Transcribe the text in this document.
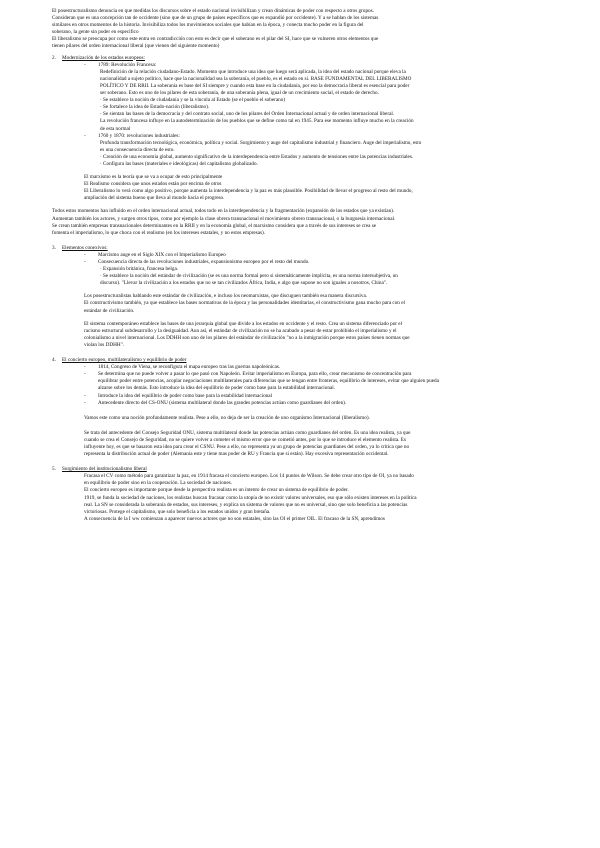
El posestructuralismo denuncia en que medidas los discursos sobre el estado nacional invisibilizan y crean dinámicas de poder con respecto a otros grupos.

Consideran que es una concepción tan de occidente (sino que de un grupo de países específicos que es expandió por occidente). Y a se hablan de los sistemas

similares en otros momentos de la historia. Invisibiliza todos los movimientos sociales que habían en la época, y conecta mucho poder en la figura del

soberano, la gente sin poder en especifico

El liberalismo se preocupa por como este entra en contradicción con esto es decir que el soberano es el pilar del SI, hace que se vulneren otros elementos que

tienen pilares del orden internacional liberal (que vienen del siguiente momento)

2.	Modernización de los estados europeos:
-	1789: Revolución Francesa:

Redefinición de la relación ciudadano-Estado. Momento que introduce una idea que luego será aplicada, la idea del estado nacional porque eleva la

nacionalidad a sujeto político, hace que la nacionalidad sea la soberanía, el pueblo, es el estado en sí. BASE FUNDAMENTAL DEL LIBERALISMO

POLÍTICO Y DE RRII. La soberanía es base del SI siempre y cuando esta base en la ciudadanía, por eso la democracia liberal es esencial para poder

ser soberano. Esto es uno de los pilares de esta soberanía, de una soberanía plena, igual de un crecimiento social, el estado de derecho.

· Se establece la noción de ciudadanía y se la vincula al Estado (se el pueblo el soberano)

· Se fortalece la idea de Estado-nación (liberalismo).

· Se sientan las bases de la democracia y del contrato social, uno de los pilares del Orden Internacional actual y de orden internacional liberal.

La revolución francesa influye en la autodeterminación de los pueblos que se define como tal en 1945. Para ese momento influye mucho en la creación

de esta normal

-	1760 y 1870: revoluciones industriales:

Profunda transformación tecnológica, económica, política y social. Surgimiento y auge del capitalismo industrial y financiero. Auge del imperialismo, esto

es una consecuencia directa de esto.

· Creación de una economía global, aumento significativo de la interdependencia entre Estados y aumento de tensiones entre las potencias industriales.

· Configura las bases (materiales e ideológicas) del capitalismo globalizado.

El marxismo es la teoría que se va a ocupar de esto principalmente

El Realismo considera que unos estados están por encima de otros

El Liberalismo lo verá como algo positivo, porque aumenta la interdependencia y la paz es más plausible. Posibilidad de llevar el progreso al resto del mundo,

ampliación del sistema bueno que lleva al mundo hacia el progreso.

Todos estos momentos han influido en el orden internacional actual, todos todo en la interdependencia y la fragmentación (expansión de los estados que ya existían).

Aumentan también los actores, y surgen otros tipos, como por ejemplo la clase obrera transnacional el movimiento obrero transnacional, o la burguesía internacional.

Se crean también empresas transnacionales determinantes en la RRII y en la economía global, el marxismo considera que a través de sus intereses se crea se

fomenta el imperialismo, lo que choca con el realismo (en los intereses estatales, y no estos empresas).

3.	Elementos conexivos:
-	Marcismo auge en el Siglo XIX con el Imperialismo Europeo
-	Consecuencia directa de las revoluciones industriales, expansionismo europeo por el resto del mundo.

· Expansión británica, francesa belga.

· Se establece la noción del estándar de civilización (se es una norma formal pero si sistemáticamente implícita, es una norma intersubjetiva, un

discurso). "Llevar la civilización a los estados que no se tan civilizados África, India, e algo que supone no son iguales a nosotros, China".

Los posestructuralistas hablando este estándar de civilización, e incluso los neomarxistas, que discuguen también esa manera discursiva.

El constructivismo también, ya que establece las bases normativas de la época y las personalidades identitarias, el constructivismo gana mucho para con el

estándar de civilización.

El sistema contemporáneo establece las bases de una jerarquía global que divide a los estados en occidente y el resto. Crea un sistema diferenciado por el

racismo estructural subdesarrollo y la desigualdad. Aun así, el estándar de civilización no se ha acabado a pesar de estar prohibido el imperialismo y el

colonialismo a nivel internacional. Los DDHH son uno de los pilares del estándar de civilización "no a la inmigración porque estos países tienen normas que

violan los DDHH".

4.	El concierto europeo, multilateralismo y equilibrio de poder
-	1814, Congreso de Viena, se reconfigura el mapa europeo tras las guerras napoleónicas.
-	Se determina que no puede volver a pasar lo que pasó con Napoleón. Evitar imperialismo en Europa, para ello, crear mecanismo de concentración para

equilibrar poder entre potencias, acoplar negociaciones multilaterales para diferencias que se tengan entre fronteras, equilibrio de intereses, evitar que alguien pueda

alzarse sobre los demás. Esto introduce la idea del equilibrio de poder como base para la estabilidad internacional.

-	Introduce la idea del equilibrio de poder como base para la estabilidad internacional
-	Antecedente directo del CS-ONU (sistema multilateral donde las grandes potencias actúan como guardianes del orden).

Vamos este como una noción profundamente realista. Pese a ello, no deja de ser la creación de uno organismo Internacional (liberalismo).

Se trata del antecedente del Consejo Seguridad ONU, sistema multilateral donde las potencias actúan como guardianes del orden. Es una idea realista, ya que

cuando se crea el Consejo de Seguridad, no se quiere volver a cometer el mismo error que se cometió antes, por lo que se introduce el elemento realista. Es

influyente hoy, es que se basaron esta idea para crear el CSNU. Pese a ello, no representa ya un grupo de potencias guardianes del orden, ya lo critica que no

representa la distribución actual de poder (Alemania este y tiene mas poder de RU y Francia que si están). Hay excesiva representación occidental.

5.	Surgimiento del institucionalismo liberal

Fracasa el CV como método para garantizar la paz, en 1914 fracasa el concierto europeo. Los 14 puntos de Wilson. Se debe crear otro tipo de OI, ya no basado

en equilibrio de poder sino en la cooperación. La sociedad de naciones.

El concierto europeo es importante porque desde la perspectiva realista es un intento de crear un sistema de equilibrio de poder.

1919, se funda la sociedad de naciones, los realistas buscan fracasar como la utopía de no existir valores universales, eso que sólo existen intereses en la política

real. La SN se considerada la soberanía de estados, sus intereses, y explica un sistema de valores que no es universal, sino que solo beneficia a las potencias

victoriosas. Protege el capitalismo, que solo beneficia a los estados unidos y gran bretaña.

A consecuencia de la I ww comienzan a aparecer nuevos actores que no son estatales, sino las OI el primer OIL. El fracaso de la SN, aprendimos
